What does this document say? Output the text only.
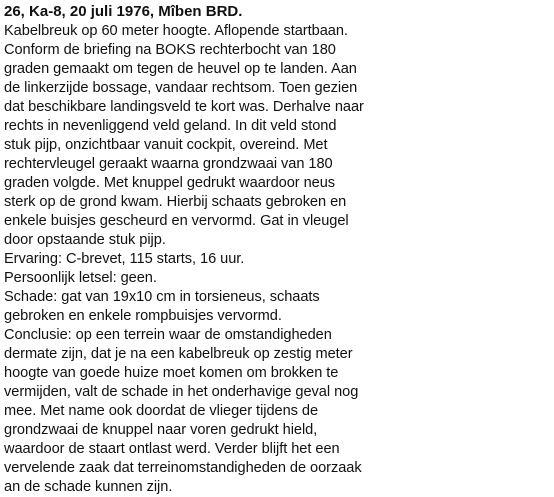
26, Ka-8, 20 juli 1976, Mîben BRD.
Kabelbreuk op 60 meter hoogte. Aflopende startbaan.
Conform de briefing na BOKS rechterbocht van 180
graden gemaakt om tegen de heuvel op te landen. Aan
de linkerzijde bossage, vandaar rechtsom. Toen gezien
dat beschikbare landingsveld te kort was. Derhalve naar
rechts in nevenliggend veld geland. In dit veld stond
stuk pijp, onzichtbaar vanuit cockpit, overeind. Met
rechtervleugel geraakt waarna grondzwaai van 180
graden volgde. Met knuppel gedrukt waardoor neus
sterk op de grond kwam. Hierbij schaats gebroken en
enkele buisjes gescheurd en vervormd. Gat in vleugel
door opstaande stuk pijp.
Ervaring: C-brevet, 115 starts, 16 uur.
Persoonlijk letsel: geen.
Schade: gat van 19x10 cm in torsieneus, schaats
gebroken en enkele rompbuisjes vervormd.
Conclusie: op een terrein waar de omstandigheden
dermate zijn, dat je na een kabelbreuk op zestig meter
hoogte van goede huize moet komen om brokken te
vermijden, valt de schade in het onderhavige geval nog
mee. Met name ook doordat de vlieger tijdens de
grondzwaai de knuppel naar voren gedrukt hield,
waardoor de staart ontlast werd. Verder blijft het een
vervelende zaak dat terreinomstandigheden de oorzaak
an de schade kunnen zijn.
